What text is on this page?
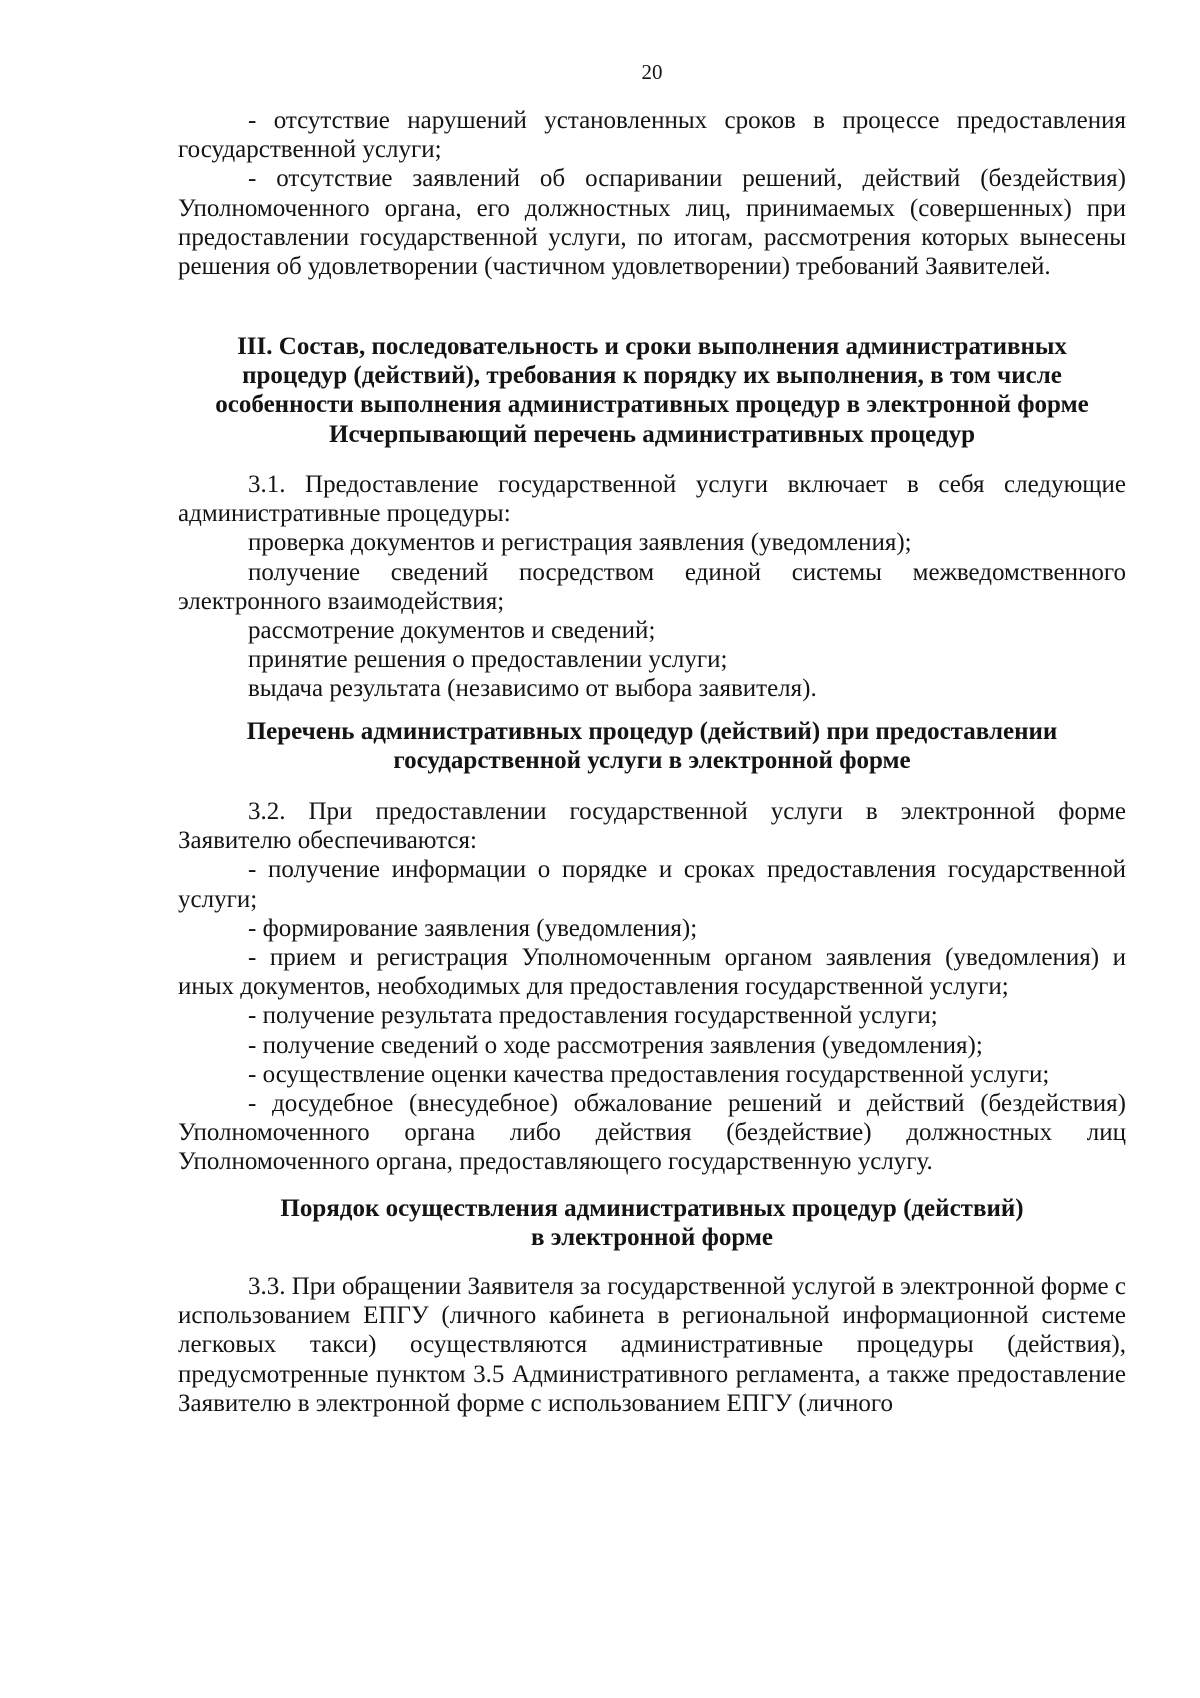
20

- отсутствие нарушений установленных сроков в процессе предоставления государственной услуги;

- отсутствие заявлений об оспаривании решений, действий (бездействия) Уполномоченного органа, его должностных лиц, принимаемых (совершенных) при предоставлении государственной услуги, по итогам, рассмотрения которых вынесены решения об удовлетворении (частичном удовлетворении) требований Заявителей.

III. Состав, последовательность и сроки выполнения административных

процедур (действий), требования к порядку их выполнения, в том числе

особенности выполнения административных процедур в электронной форме

Исчерпывающий перечень административных процедур

3.1. Предоставление государственной услуги включает в себя следующие административные процедуры:

проверка документов и регистрация заявления (уведомления);

получение сведений посредством единой системы межведомственного электронного взаимодействия;

рассмотрение документов и сведений;

принятие решения о предоставлении услуги;

выдача результата (независимо от выбора заявителя).

Перечень административных процедур (действий) при предоставлении

государственной услуги в электронной форме

3.2. При предоставлении государственной услуги в электронной форме Заявителю обеспечиваются:

- получение информации о порядке и сроках предоставления государственной услуги;

- формирование заявления (уведомления);

- прием и регистрация Уполномоченным органом заявления (уведомления) и иных документов, необходимых для предоставления государственной услуги;

- получение результата предоставления государственной услуги;

- получение сведений о ходе рассмотрения заявления (уведомления);

- осуществление оценки качества предоставления государственной услуги;

- досудебное (внесудебное) обжалование решений и действий (бездействия) Уполномоченного органа либо действия (бездействие) должностных лиц Уполномоченного органа, предоставляющего государственную услугу.

Порядок осуществления административных процедур (действий)

в электронной форме

3.3. При обращении Заявителя за государственной услугой в электронной форме с использованием ЕПГУ (личного кабинета в региональной информационной системе легковых такси) осуществляются административные процедуры (действия), предусмотренные пунктом 3.5 Административного регламента, а также предоставление Заявителю в электронной форме с использованием ЕПГУ (личного
